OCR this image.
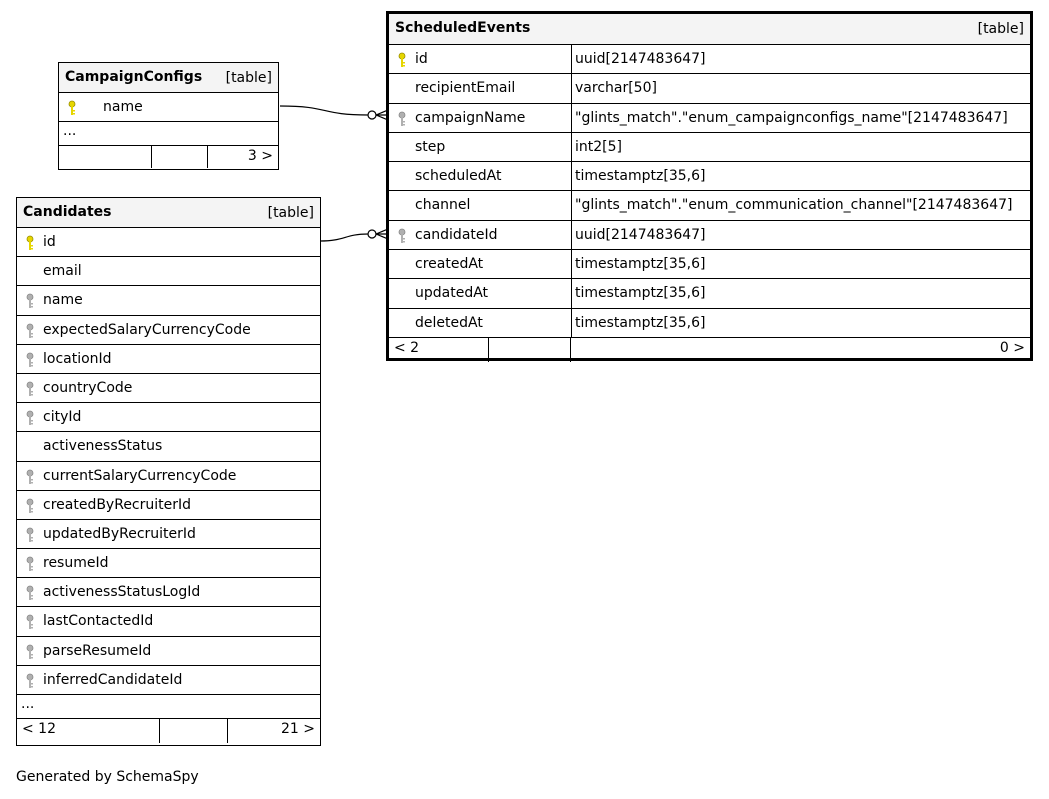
ScheduledEvents	[table]
id	uuid[2147483647]
recipientEmail	varchar[50]
campaignName	"glints_match"."enum_campaignconfigs_name"[2147483647]
step	int2[5]
scheduledAt	timestamptz[35,6]
channel	"glints_match"."enum_communication_channel"[2147483647]
candidateId	uuid[2147483647]
createdAt	timestamptz[35,6]
updatedAt	timestamptz[35,6]
deletedAt	timestamptz[35,6]
< 2	0 >
CampaignConfigs [table]
name
...
3 >
Candidates	[table]
id
email
name
expectedSalaryCurrencyCode
locationId
countryCode
cityId
activenessStatus
currentSalaryCurrencyCode
createdByRecruiterId
updatedByRecruiterId
resumeId
activenessStatusLogId
lastContactedId
parseResumeId
inferredCandidateId
...
< 12	21 >
Generated by SchemaSpy
